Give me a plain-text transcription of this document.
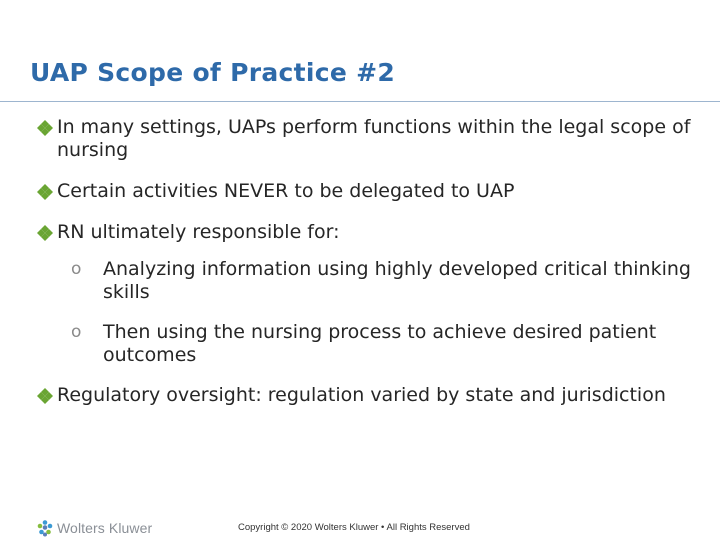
UAP Scope of Practice #2
In many settings, UAPs perform functions within the legal scope of nursing
Certain activities NEVER to be delegated to UAP
RN ultimately responsible for:
o Analyzing information using highly developed critical thinking skills
o Then using the nursing process to achieve desired patient outcomes
Regulatory oversight: regulation varied by state and jurisdiction
Wolters Kluwer	Copyright © 2020 Wolters Kluwer • All Rights Reserved
